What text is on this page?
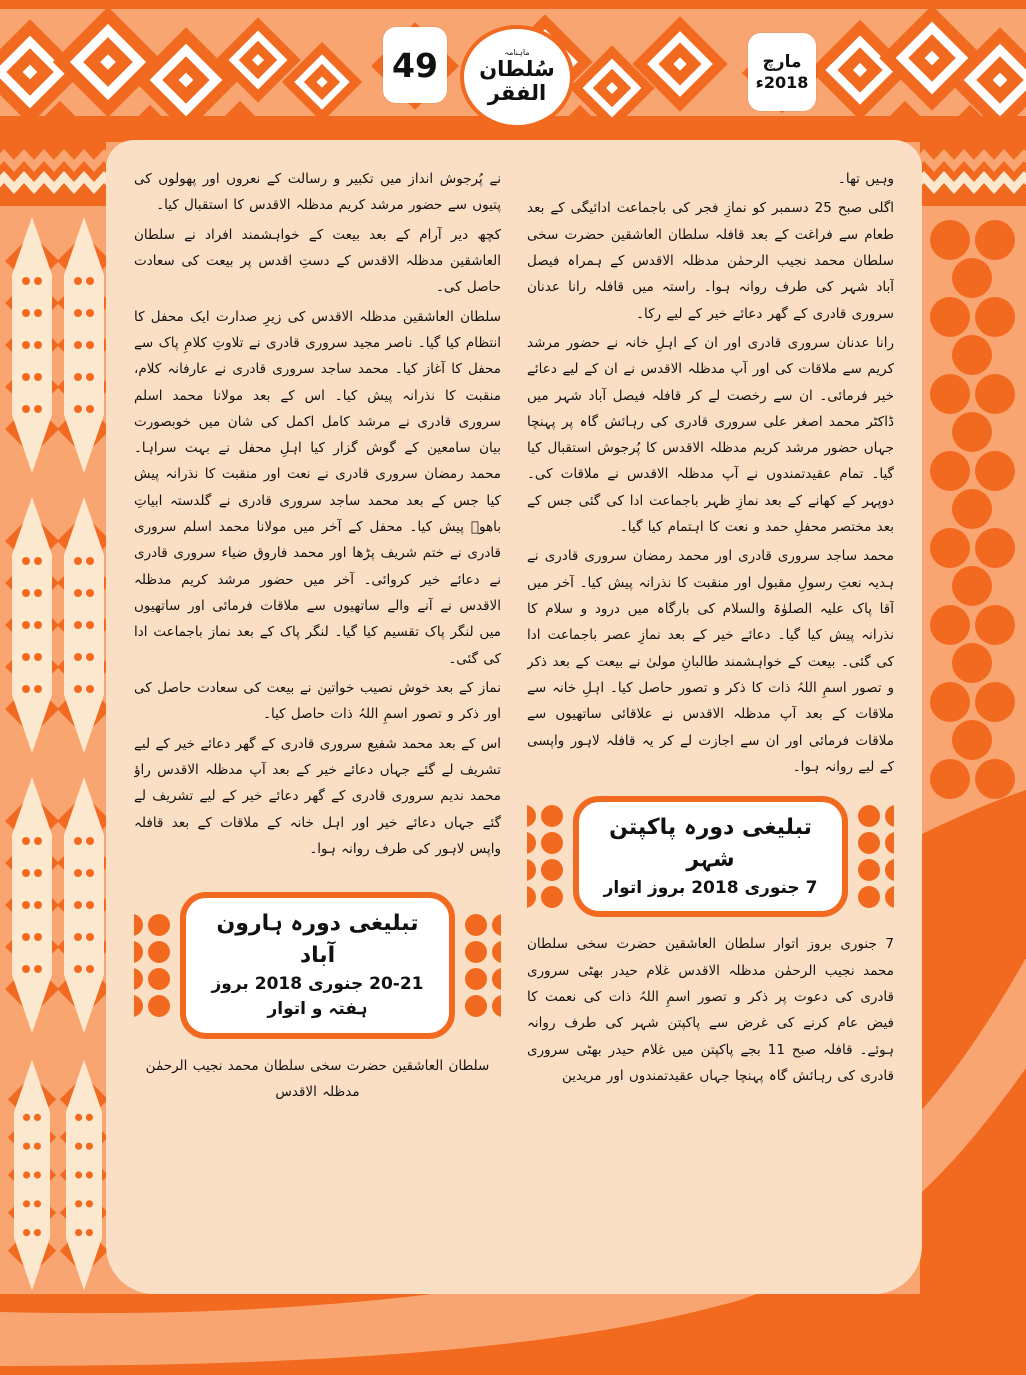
49	ماہنامہ
سُلطان الفقر
مارچ
2018ء

وہیں تھا۔

اگلی صبح 25 دسمبر کو نمازِ فجر کی باجماعت ادائیگی کے بعد طعام سے فراغت کے بعد قافلہ سلطان العاشقین حضرت سخی سلطان محمد نجیب الرحمٰن مدظلہ الاقدس کے ہمراہ فیصل آباد شہر کی طرف روانہ ہوا۔ راستہ میں قافلہ رانا عدنان سروری قادری کے گھر دعائے خیر کے لیے رکا۔

رانا عدنان سروری قادری اور ان کے اہلِ خانہ نے حضور مرشد کریم سے ملاقات کی اور آپ مدظلہ الاقدس نے ان کے لیے دعائے خیر فرمائی۔ ان سے رخصت لے کر قافلہ فیصل آباد شہر میں ڈاکٹر محمد اصغر علی سروری قادری کی رہائش گاہ پر پہنچا جہاں حضور مرشد کریم مدظلہ الاقدس کا پُرجوش استقبال کیا گیا۔ تمام عقیدتمندوں نے آپ مدظلہ الاقدس نے ملاقات کی۔ دوپہر کے کھانے کے بعد نمازِ ظہر باجماعت ادا کی گئی جس کے بعد مختصر محفلِ حمد و نعت کا اہتمام کیا گیا۔

محمد ساجد سروری قادری اور محمد رمضان سروری قادری نے ہدیہ نعتِ رسولِ مقبول اور منقبت کا نذرانہ پیش کیا۔ آخر میں آقا پاک علیہ الصلوٰۃ والسلام کی بارگاہ میں درود و سلام کا نذرانہ پیش کیا گیا۔ دعائے خیر کے بعد نمازِ عصر باجماعت ادا کی گئی۔ بیعت کے خواہشمند طالبانِ مولیٰ نے بیعت کے بعد ذکر و تصور اسمِ اللہُ ذات کا ذکر و تصور حاصل کیا۔ اہلِ خانہ سے ملاقات کے بعد آپ مدظلہ الاقدس نے علاقائی ساتھیوں سے ملاقات فرمائی اور ان سے اجازت لے کر یہ قافلہ لاہور واپسی کے لیے روانہ ہوا۔

تبلیغی دورہ پاکپتن شہر
7 جنوری 2018 بروز اتوار

7 جنوری بروز اتوار سلطان العاشقین حضرت سخی سلطان محمد نجیب الرحمٰن مدظلہ الاقدس غلام حیدر بھٹی سروری قادری کی دعوت پر ذکر و تصور اسمِ اللہُ ذات کی نعمت کا فیض عام کرنے کی غرض سے پاکپتن شہر کی طرف روانہ ہوئے۔ قافلہ صبح 11 بجے پاکپتن میں غلام حیدر بھٹی سروری قادری کی رہائش گاہ پہنچا جہاں عقیدتمندوں اور مریدین

نے پُرجوش انداز میں تکبیر و رسالت کے نعروں اور پھولوں کی پتیوں سے حضور مرشد کریم مدظلہ الاقدس کا استقبال کیا۔

کچھ دیر آرام کے بعد بیعت کے خواہشمند افراد نے سلطان العاشقین مدظلہ الاقدس کے دستِ اقدس پر بیعت کی سعادت حاصل کی۔

سلطان العاشقین مدظلہ الاقدس کی زیرِ صدارت ایک محفل کا انتظام کیا گیا۔ ناصر مجید سروری قادری نے تلاوتِ کلامِ پاک سے محفل کا آغاز کیا۔ محمد ساجد سروری قادری نے عارفانہ کلام، منقبت کا نذرانہ پیش کیا۔ اس کے بعد مولانا محمد اسلم سروری قادری نے مرشد کامل اکمل کی شان میں خوبصورت بیان سامعین کے گوش گزار کیا اہلِ محفل نے بہت سراہا۔ محمد رمضان سروری قادری نے نعت اور منقبت کا نذرانہ پیش کیا جس کے بعد محمد ساجد سروری قادری نے گلدستہ ابیاتِ باھوؒ پیش کیا۔ محفل کے آخر میں مولانا محمد اسلم سروری قادری نے ختم شریف پڑھا اور محمد فاروق ضیاء سروری قادری نے دعائے خیر کروائی۔ آخر میں حضور مرشد کریم مدظلہ الاقدس نے آنے والے ساتھیوں سے ملاقات فرمائی اور ساتھیوں میں لنگر پاک تقسیم کیا گیا۔ لنگر پاک کے بعد نماز باجماعت ادا کی گئی۔

نماز کے بعد خوش نصیب خواتین نے بیعت کی سعادت حاصل کی اور ذکر و تصور اسمِ اللہُ ذات حاصل کیا۔

اس کے بعد محمد شفیع سروری قادری کے گھر دعائے خیر کے لیے تشریف لے گئے جہاں دعائے خیر کے بعد آپ مدظلہ الاقدس راؤ محمد ندیم سروری قادری کے گھر دعائے خیر کے لیے تشریف لے گئے جہاں دعائے خیر اور اہل خانہ کے ملاقات کے بعد قافلہ واپس لاہور کی طرف روانہ ہوا۔

تبلیغی دورہ ہارون آباد
20-21 جنوری 2018 بروز ہفتہ و اتوار

سلطان العاشقین حضرت سخی سلطان محمد نجیب الرحمٰن مدظلہ الاقدس
